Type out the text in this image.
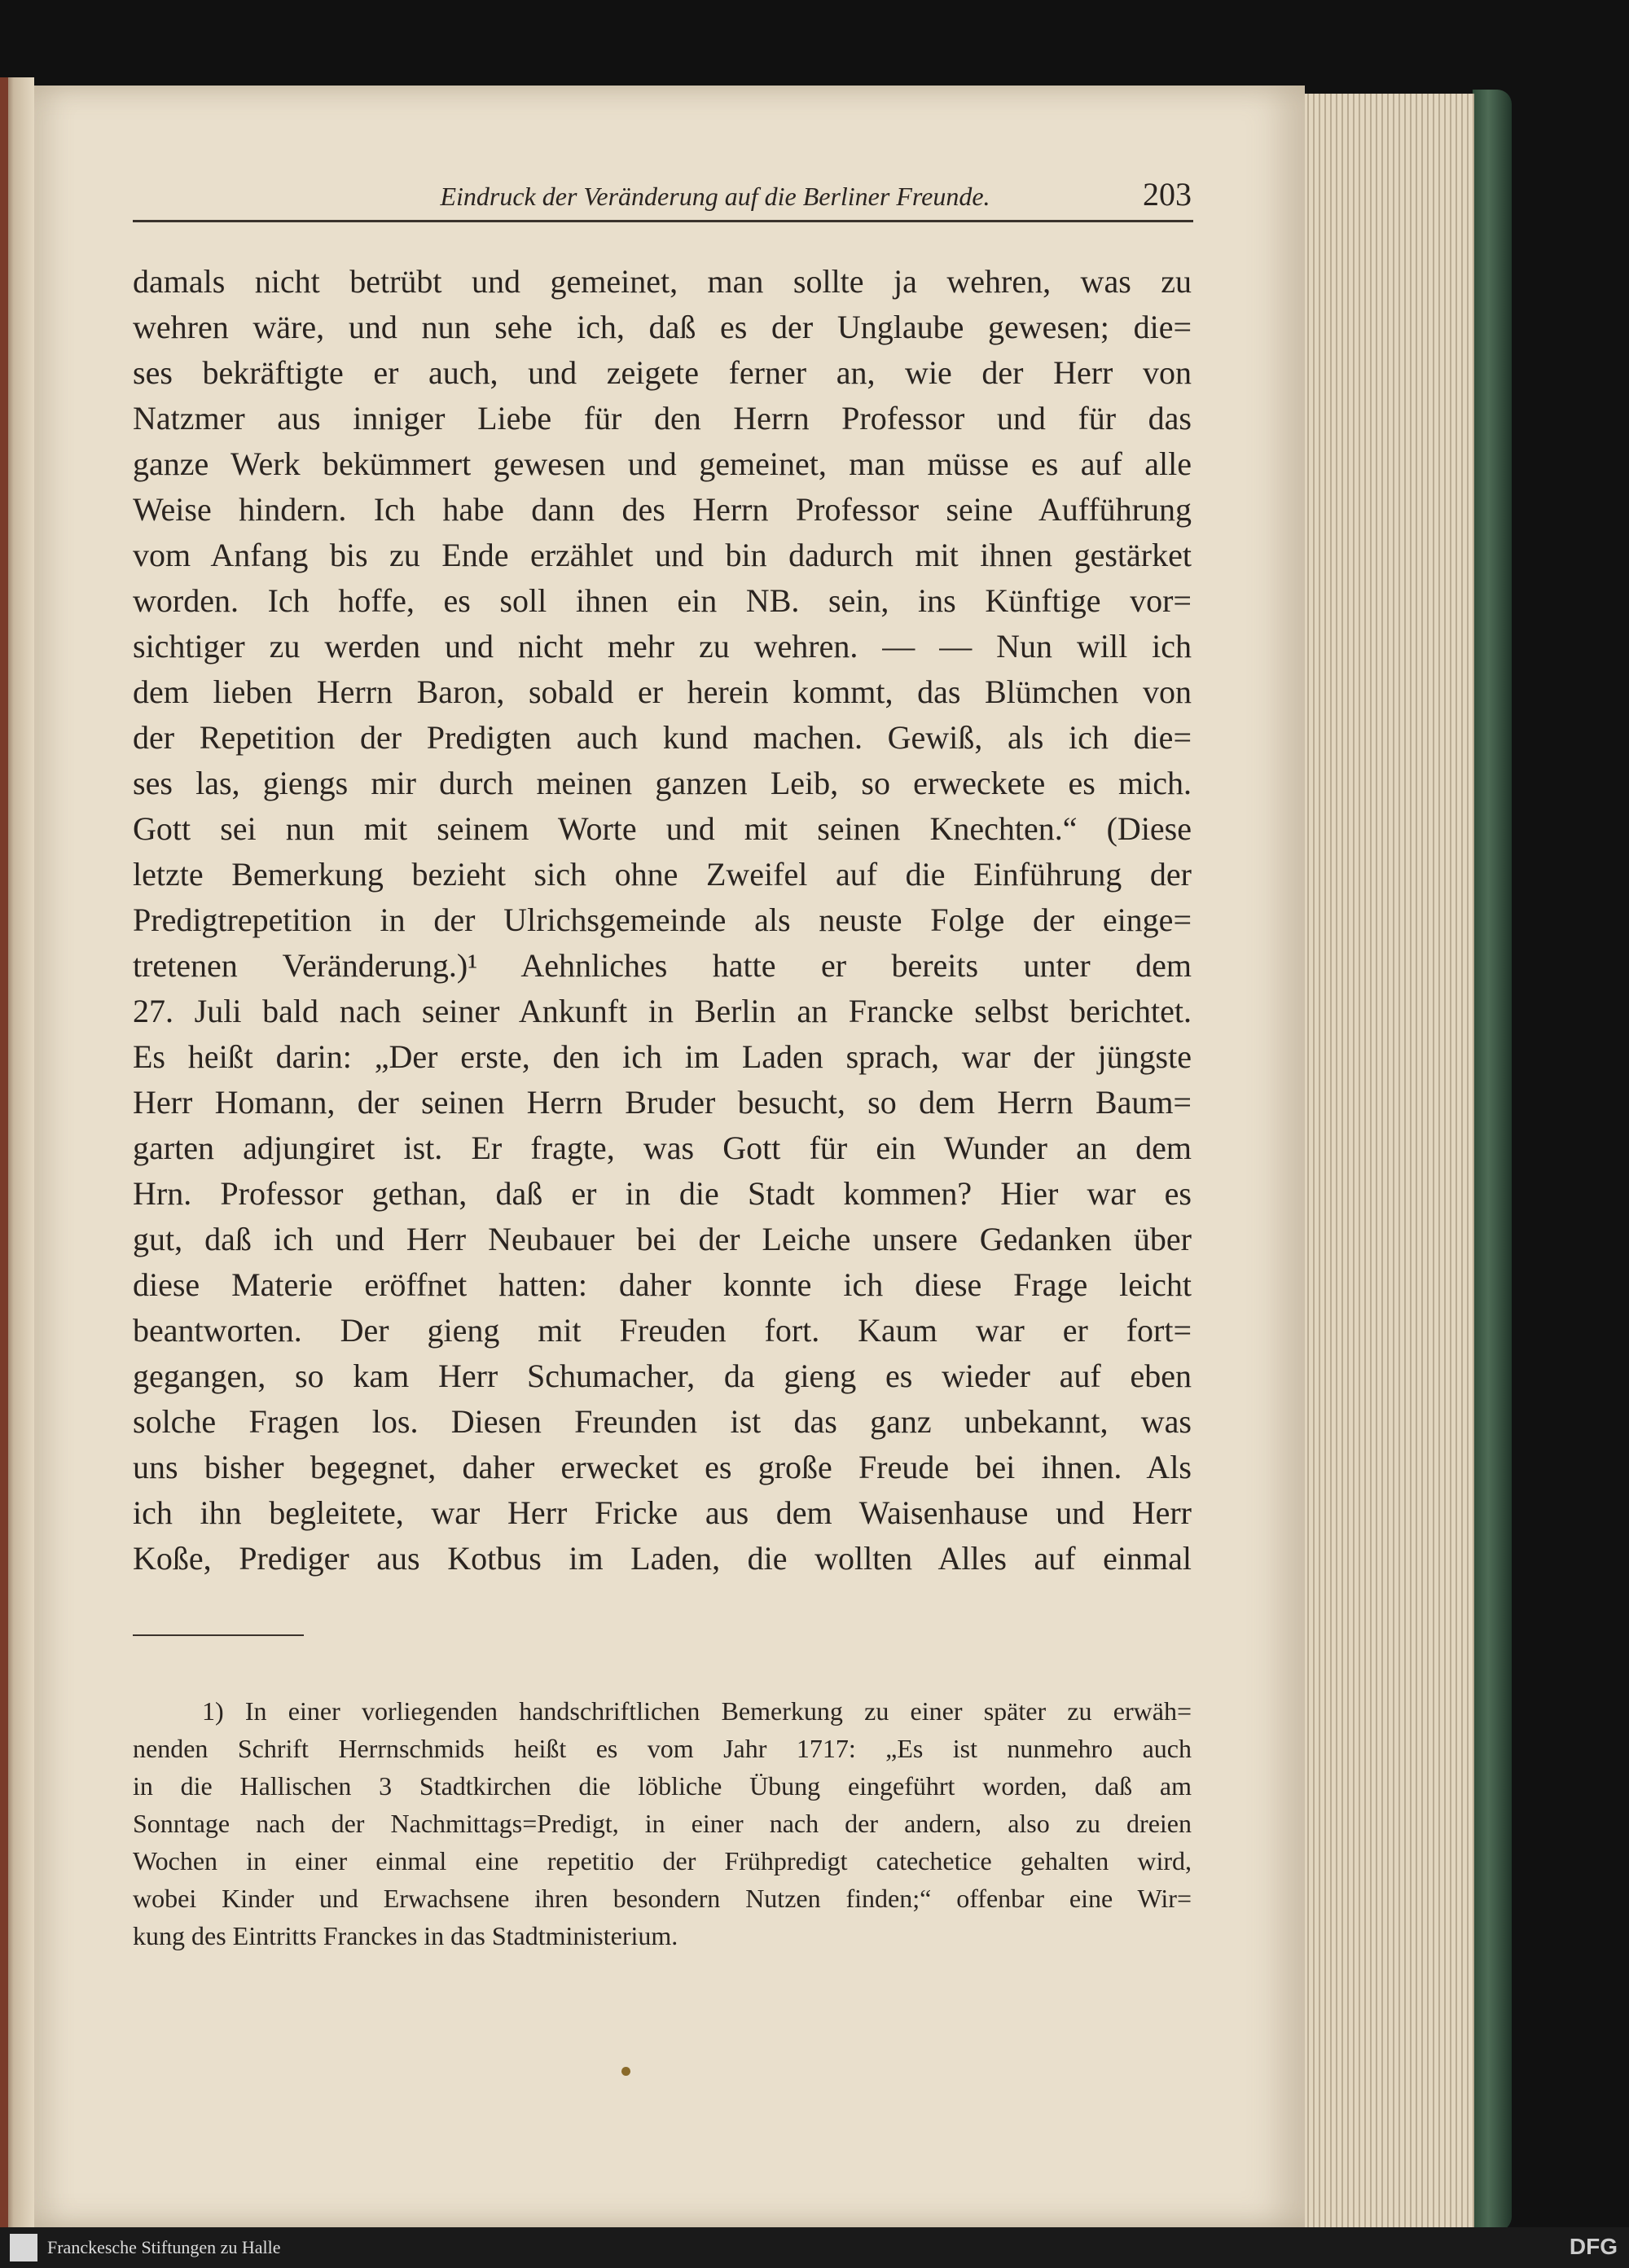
Eindruck der Veränderung auf die Berliner Freunde.	203
damals nicht betrübt und gemeinet, man sollte ja wehren, was zu
wehren wäre, und nun sehe ich, daß es der Unglaube gewesen; die=
ses bekräftigte er auch, und zeigete ferner an, wie der Herr von
Natzmer aus inniger Liebe für den Herrn Professor und für das
ganze Werk bekümmert gewesen und gemeinet, man müsse es auf alle
Weise hindern. Ich habe dann des Herrn Professor seine Aufführung
vom Anfang bis zu Ende erzählet und bin dadurch mit ihnen gestärket
worden. Ich hoffe, es soll ihnen ein NB. sein, ins Künftige vor=
sichtiger zu werden und nicht mehr zu wehren. — — Nun will ich
dem lieben Herrn Baron, sobald er herein kommt, das Blümchen von
der Repetition der Predigten auch kund machen. Gewiß, als ich die=
ses las, giengs mir durch meinen ganzen Leib, so erweckete es mich.
Gott sei nun mit seinem Worte und mit seinen Knechten.“ (Diese
letzte Bemerkung bezieht sich ohne Zweifel auf die Einführung der
Predigtrepetition in der Ulrichsgemeinde als neuste Folge der einge=
tretenen Veränderung.)¹ Aehnliches hatte er bereits unter dem
27. Juli bald nach seiner Ankunft in Berlin an Francke selbst berichtet.
Es heißt darin: „Der erste, den ich im Laden sprach, war der jüngste
Herr Homann, der seinen Herrn Bruder besucht, so dem Herrn Baum=
garten adjungiret ist. Er fragte, was Gott für ein Wunder an dem
Hrn. Professor gethan, daß er in die Stadt kommen? Hier war es
gut, daß ich und Herr Neubauer bei der Leiche unsere Gedanken über
diese Materie eröffnet hatten: daher konnte ich diese Frage leicht
beantworten. Der gieng mit Freuden fort. Kaum war er fort=
gegangen, so kam Herr Schumacher, da gieng es wieder auf eben
solche Fragen los. Diesen Freunden ist das ganz unbekannt, was
uns bisher begegnet, daher erwecket es große Freude bei ihnen. Als
ich ihn begleitete, war Herr Fricke aus dem Waisenhause und Herr
Koße, Prediger aus Kotbus im Laden, die wollten Alles auf einmal
1) In einer vorliegenden handschriftlichen Bemerkung zu einer später zu erwäh=
nenden Schrift Herrnschmids heißt es vom Jahr 1717: „Es ist nunmehro auch
in die Hallischen 3 Stadtkirchen die löbliche Übung eingeführt worden, daß am
Sonntage nach der Nachmittags=Predigt, in einer nach der andern, also zu dreien
Wochen in einer einmal eine repetitio der Frühpredigt catechetice gehalten wird,
wobei Kinder und Erwachsene ihren besondern Nutzen finden;“ offenbar eine Wir=
kung des Eintritts Franckes in das Stadtministerium.
Franckesche Stiftungen zu Halle	DFG
